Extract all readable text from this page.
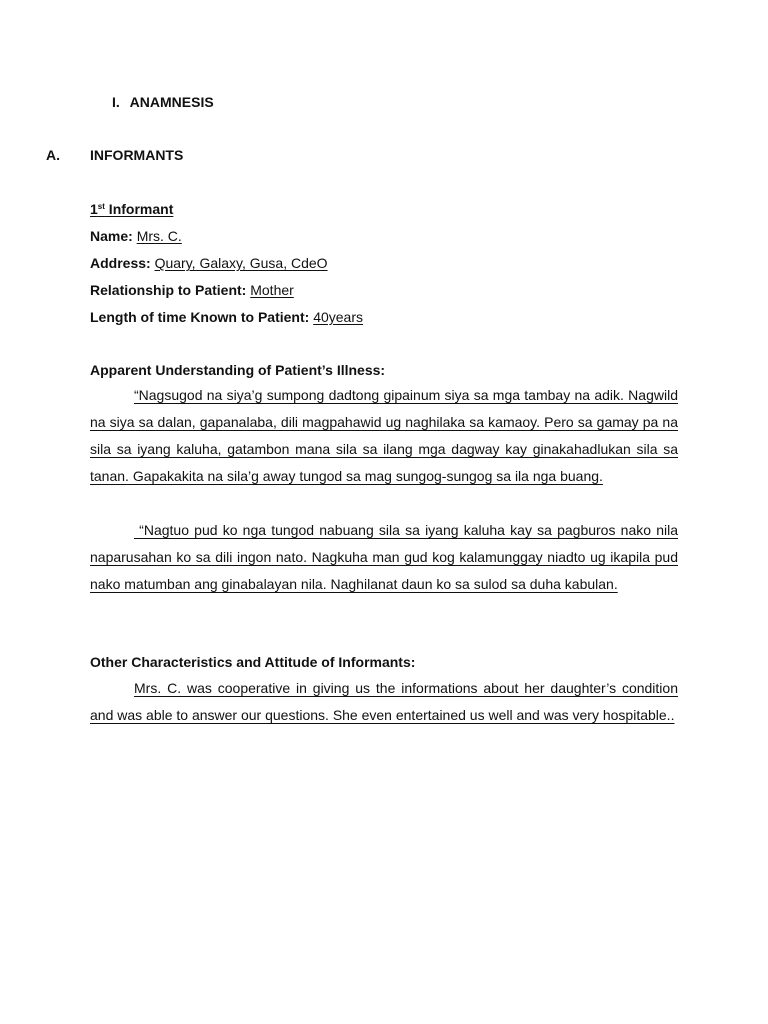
I. ANAMNESIS
A. INFORMANTS
1st Informant
Name: Mrs. C.
Address: Quary, Galaxy, Gusa, CdeO
Relationship to Patient: Mother
Length of time Known to Patient: 40years
Apparent Understanding of Patient’s Illness:
“Nagsugod na siya’g sumpong dadtong gipainum siya sa mga tambay na adik. Nagwild na siya sa dalan, gapanalaba, dili magpahawid ug naghilaka sa kamaoy. Pero sa gamay pa na sila sa iyang kaluha, gatambon mana sila sa ilang mga dagway kay ginakahadlukan sila sa tanan. Gapakakita na sila’g away tungod sa mag sungog-sungog sa ila nga buang.
“Nagtuo pud ko nga tungod nabuang sila sa iyang kaluha kay sa pagburos nako nila naparusahan ko sa dili ingon nato. Nagkuha man gud kog kalamunggay niadto ug ikapila pud nako matumban ang ginabalayan nila. Naghilanat daun ko sa sulod sa duha kabulan.
Other Characteristics and Attitude of Informants:
Mrs. C. was cooperative in giving us the informations about her daughter’s condition and was able to answer our questions. She even entertained us well and was very hospitable..
